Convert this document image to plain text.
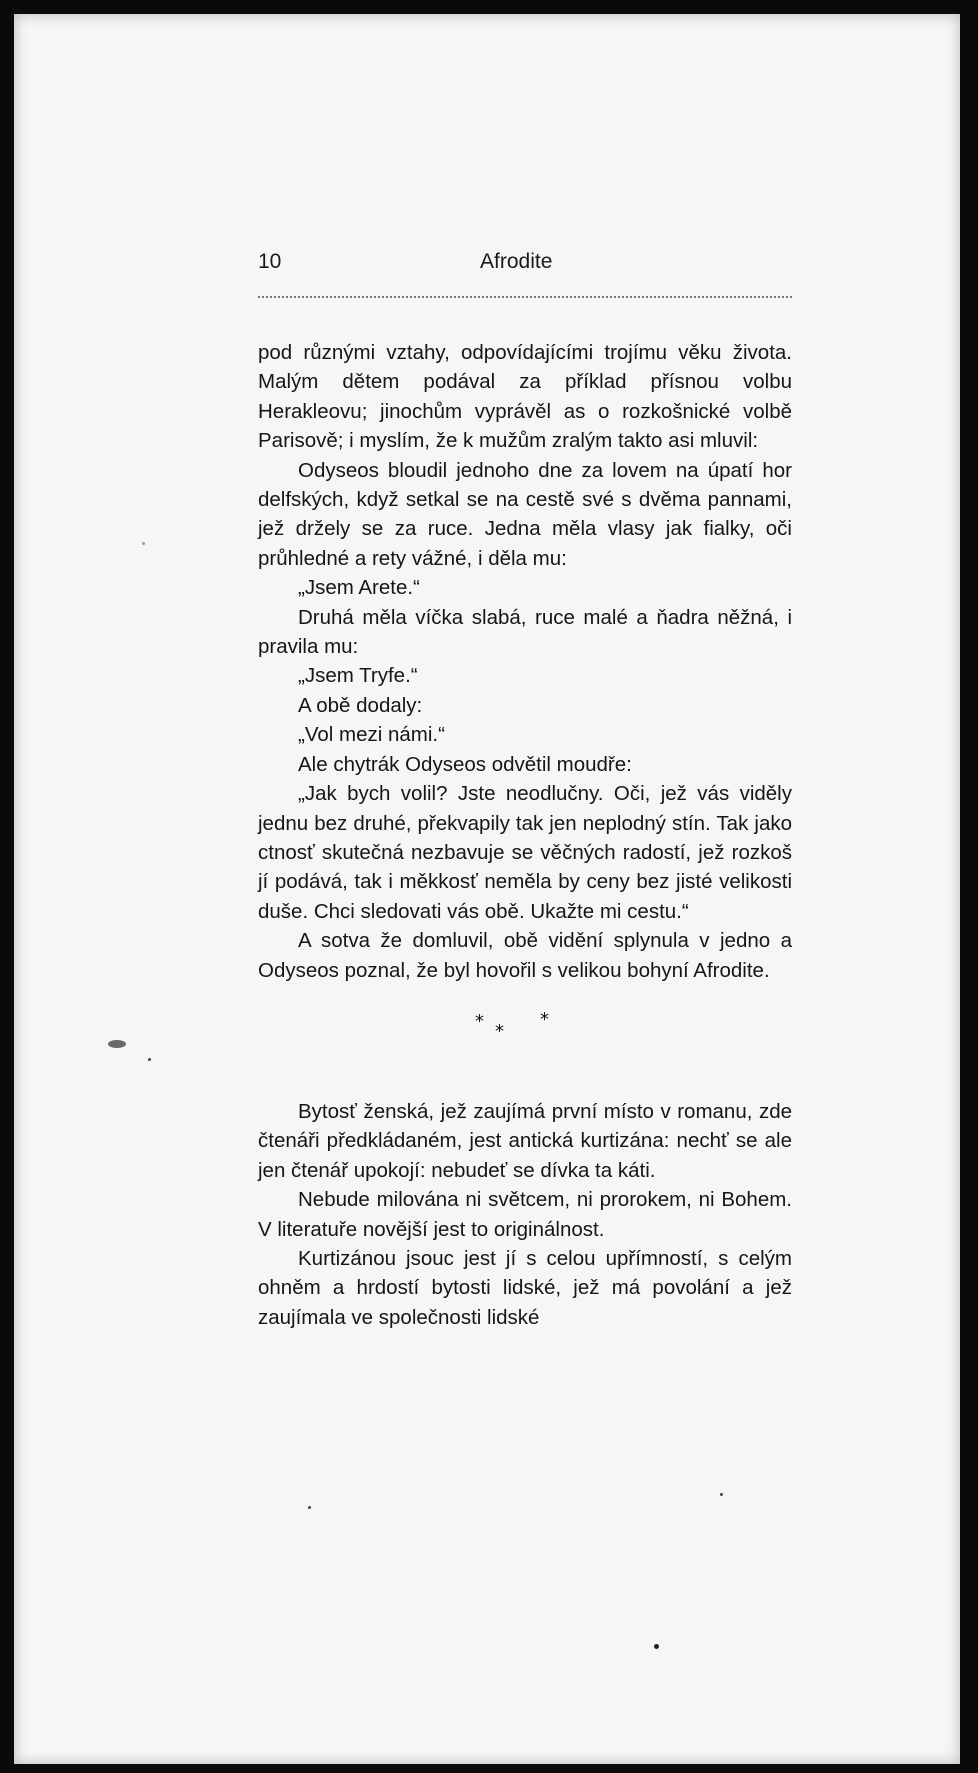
10	Afrodite

pod různými vztahy, odpovídajícími trojímu věku života. Malým dětem podával za příklad přísnou volbu Herakleovu; jinochům vyprávěl as o rozkošnické volbě Parisově; i myslím, že k mužům zralým takto asi mluvil:

Odyseos bloudil jednoho dne za lovem na úpatí hor delfských, když setkal se na cestě své s dvěma pannami, jež držely se za ruce. Jedna měla vlasy jak fialky, oči průhledné a rety vážné, i děla mu:

„Jsem Arete.“

Druhá měla víčka slabá, ruce malé a ňadra něžná, i pravila mu:

„Jsem Tryfe.“

A obě dodaly:

„Vol mezi námi.“

Ale chytrák Odyseos odvětil moudře:

„Jak bych volil? Jste neodlučny. Oči, jež vás viděly jednu bez druhé, překvapily tak jen neplodný stín. Tak jako ctnosť skutečná nezbavuje se věčných radostí, jež rozkoš jí podává, tak i měkkosť neměla by ceny bez jisté velikosti duše. Chci sledovati vás obě. Ukažte mi cestu.“

A sotva že domluvil, obě vidění splynula v jedno a Odyseos poznal, že byl hovořil s velikou bohyní Afrodite.

* *
*

Bytosť ženská, jež zaujímá první místo v romanu, zde čtenáři předkládaném, jest antická kurtizána: nechť se ale jen čtenář upokojí: nebudeť se dívka ta káti.

Nebude milována ni světcem, ni prorokem, ni Bohem. V literatuře novější jest to originálnost.

Kurtizánou jsouc jest jí s celou upřímností, s celým ohněm a hrdostí bytosti lidské, jež má povolání a jež zaujímala ve společnosti lidské
